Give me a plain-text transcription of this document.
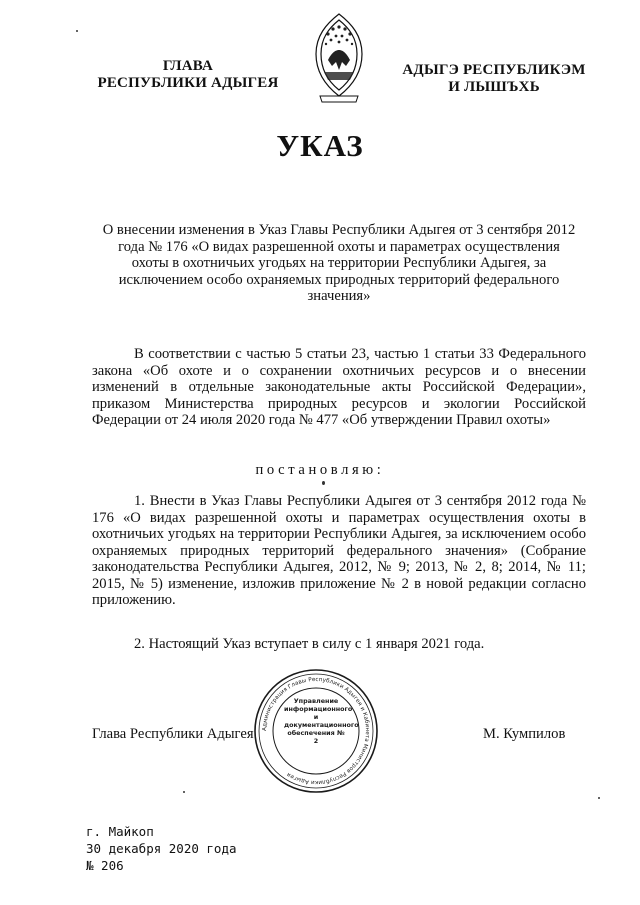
ГЛАВА
РЕСПУБЛИКИ АДЫГЕЯ
АДЫГЭ РЕСПУБЛИКЭМ
И ЛЫШЪХЬ
УКАЗ
О внесении изменения в Указ Главы Республики Адыгея от 3 сентября 2012 года № 176 «О видах разрешенной охоты и параметрах осуществления охоты в охотничьих угодьях на территории Республики Адыгея, за исключением особо охраняемых природных территорий федерального значения»
В соответствии с частью 5 статьи 23, частью 1 статьи 33 Федерального закона «Об охоте и о сохранении охотничьих ресурсов и о внесении изменений в отдельные законодательные акты Российской Федерации», приказом Министерства природных ресурсов и экологии Российской Федерации от 24 июля 2020 года № 477 «Об утверждении Правил охоты»
постановляю:
1. Внести в Указ Главы Республики Адыгея от 3 сентября 2012 года № 176 «О видах разрешенной охоты и параметрах осуществления охоты в охотничьих угодьях на территории Республики Адыгея, за исключением особо охраняемых природных территорий федерального значения» (Собрание законодательства Республики Адыгея, 2012, № 9; 2013, № 2, 8; 2014, № 11; 2015, № 5) изменение, изложив приложение № 2 в новой редакции согласно приложению.
2. Настоящий Указ вступает в силу с 1 января 2021 года.
Глава Республики Адыгея	М. Кумпилов
Администрация Главы Республики Адыгея и Кабинета Министров Республики Адыгея
Управление информационного и документационного обеспечения № 2
г. Майкоп
30 декабря 2020 года
№ 206
